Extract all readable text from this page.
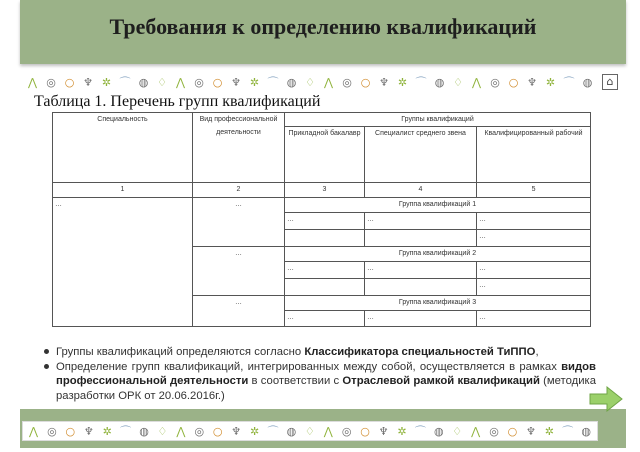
Требования к определению квалификаций
⋀ ◎ ○ ♆ ✲ ⌒ ◍ ♢ ⋀ ◎ ○ ♆ ✲ ⌒ ◍ ♢ ⋀ ◎ ○ ♆ ✲ ⌒ ◍ ♢ ⋀ ◎ ○ ♆ ✲ ⌒ ◍	⌂
Таблица 1. Перечень групп квалификаций
Специальность	Вид профессиональной деятельности	Группы квалификаций		
		Прикладной бакалавр	Специалист среднего звена	Квалифицированный рабочий
1	2	3	4	5
…	…	Группа квалификаций 1		
		…	…	…
				…
	…	Группа квалификаций 2		
		…	…	…
				…
	…	Группа квалификаций 3		
		…	…	…
Группы квалификаций определяются согласно Классификатора специальностей ТиППО,
Определение групп квалификаций, интегрированных между собой, осуществляется в рамках видов профессиональной деятельности в соответствии с Отраслевой рамкой квалификаций (методика разработки ОРК от 20.06.2016г.)
⋀ ◎ ○ ♆ ✲ ⌒ ◍ ♢ ⋀ ◎ ○ ♆ ✲ ⌒ ◍ ♢ ⋀ ◎ ○ ♆ ✲ ⌒ ◍ ♢ ⋀ ◎ ○ ♆ ✲ ⌒ ◍
